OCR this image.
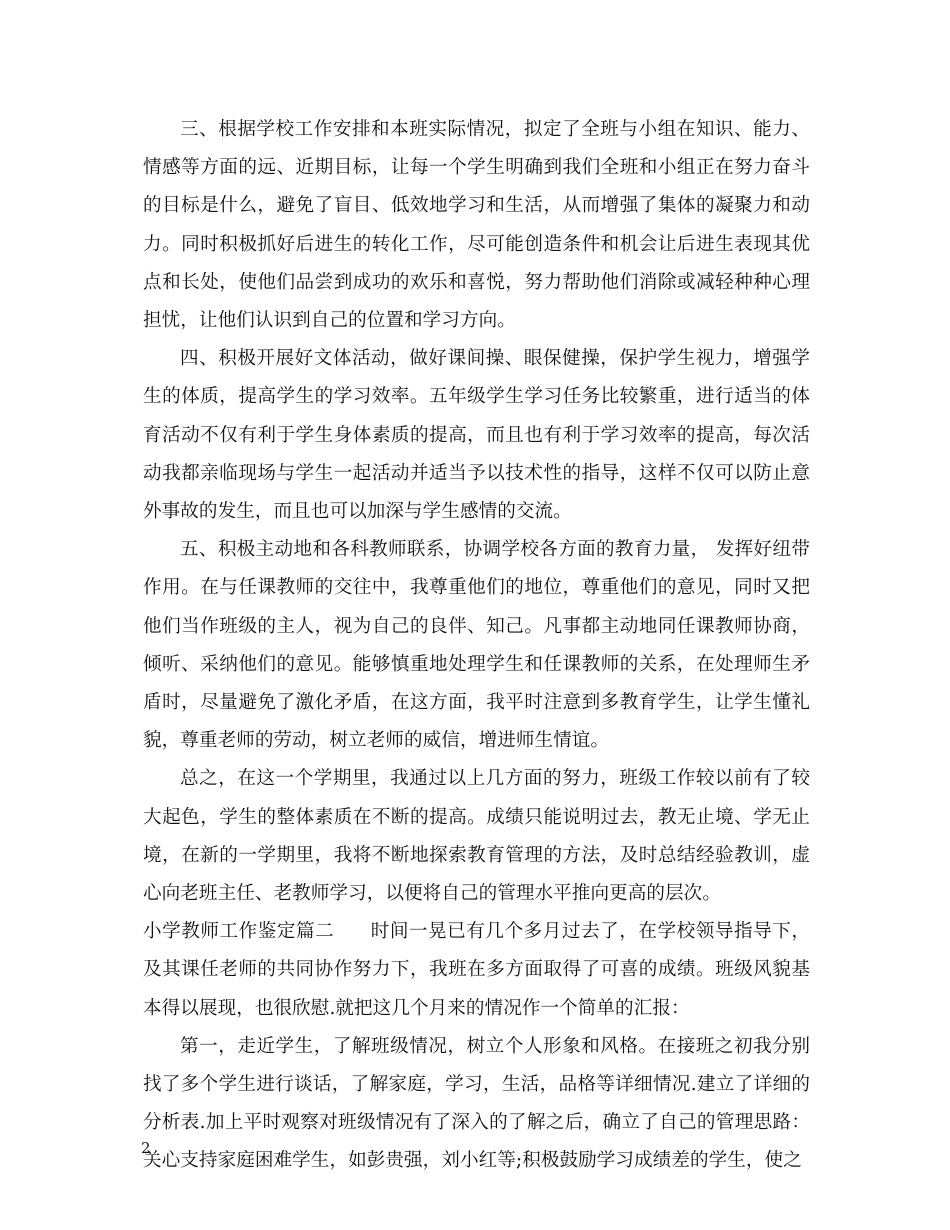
三、根据学校工作安排和本班实际情况，拟定了全班与小组在知识、能力、情感等方面的远、近期目标，让每一个学生明确到我们全班和小组正在努力奋斗的目标是什么，避免了盲目、低效地学习和生活，从而增强了集体的凝聚力和动力。同时积极抓好后进生的转化工作，尽可能创造条件和机会让后进生表现其优点和长处，使他们品尝到成功的欢乐和喜悦，努力帮助他们消除或减轻种种心理担忧，让他们认识到自己的位置和学习方向。

四、积极开展好文体活动，做好课间操、眼保健操，保护学生视力，增强学生的体质，提高学生的学习效率。五年级学生学习任务比较繁重，进行适当的体育活动不仅有利于学生身体素质的提高，而且也有利于学习效率的提高，每次活动我都亲临现场与学生一起活动并适当予以技术性的指导，这样不仅可以防止意外事故的发生，而且也可以加深与学生感情的交流。

五、积极主动地和各科教师联系，协调学校各方面的教育力量， 发挥好纽带作用。在与任课教师的交往中，我尊重他们的地位，尊重他们的意见，同时又把他们当作班级的主人，视为自己的良伴、知己。凡事都主动地同任课教师协商，倾听、采纳他们的意见。能够慎重地处理学生和任课教师的关系，在处理师生矛盾时，尽量避免了激化矛盾，在这方面，我平时注意到多教育学生，让学生懂礼貌，尊重老师的劳动，树立老师的威信，增进师生情谊。

总之，在这一个学期里，我通过以上几方面的努力，班级工作较以前有了较大起色，学生的整体素质在不断的提高。成绩只能说明过去，教无止境、学无止境，在新的一学期里，我将不断地探索教育管理的方法，及时总结经验教训，虚心向老班主任、老教师学习，以便将自己的管理水平推向更高的层次。

小学教师工作鉴定篇二 时间一晃已有几个多月过去了，在学校领导指导下，及其课任老师的共同协作努力下，我班在多方面取得了可喜的成绩。班级风貌基本得以展现，也很欣慰.就把这几个月来的情况作一个简单的汇报：

第一，走近学生，了解班级情况，树立个人形象和风格。在接班之初我分别找了多个学生进行谈话，了解家庭，学习，生活，品格等详细情况.建立了详细的分析表.加上平时观察对班级情况有了深入的了解之后，确立了自己的管理思路：关心支持家庭困难学生，如彭贵强，刘小红等;积极鼓励学习成绩差的学生，使之

2
